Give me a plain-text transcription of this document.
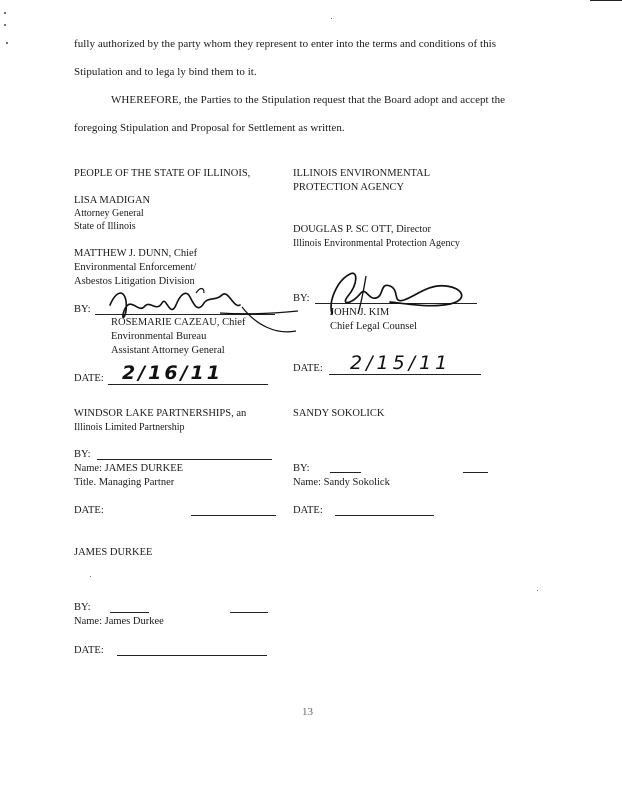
fully authorized by the party whom they represent to enter into the terms and conditions of this
Stipulation and to lega ly bind them to it.
WHEREFORE, the Parties to the Stipulation request that the Board adopt and accept the
foregoing Stipulation and Proposal for Settlement as written.
PEOPLE OF THE STATE OF ILLINOIS,
LISA MADIGAN
Attorney General
State of Illinois
MATTHEW J. DUNN, Chief
Environmental Enforcement/
Asbestos Litigation Division
BY:
ROSEMARIE CAZEAU, Chief
Environmental Bureau
Assistant Attorney General
DATE: 2/16/11
ILLINOIS ENVIRONMENTAL
PROTECTION AGENCY
DOUGLAS P. SC OTT, Director
Illinois Environmental Protection Agency
BY:
JOHN J. KIM
Chief Legal Counsel
DATE: 2/15/11
WINDSOR LAKE PARTNERSHIPS, an
Illinois Limited Partnership
BY:
Name: JAMES DURKEE
Title. Managing Partner
DATE:
SANDY SOKOLICK
BY:
Name: Sandy Sokolick
DATE:
JAMES DURKEE
BY:
Name: James Durkee
DATE:
13
